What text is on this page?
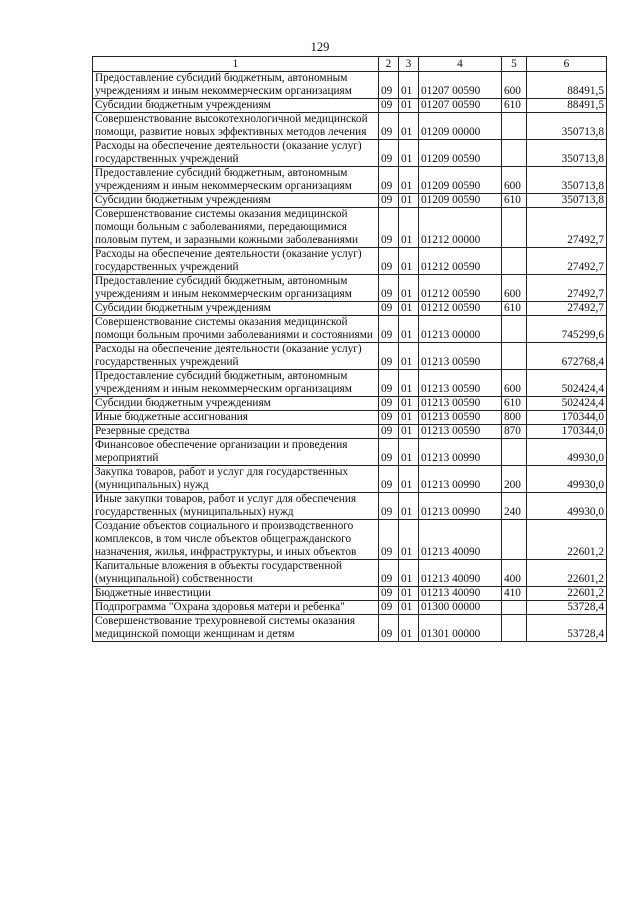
129
1	2	3	4	5	6
Предоставление субсидий бюджетным, автономным учреждениям и иным некоммерческим организациям	09	01	01207 00590	600	88491,5
Субсидии бюджетным учреждениям	09	01	01207 00590	610	88491,5
Совершенствование высокотехнологичной медицинской помощи, развитие новых эффективных методов лечения	09	01	01209 00000		350713,8
Расходы на обеспечение деятельности (оказание услуг) государственных учреждений	09	01	01209 00590		350713,8
Предоставление субсидий бюджетным, автономным учреждениям и иным некоммерческим организациям	09	01	01209 00590	600	350713,8
Субсидии бюджетным учреждениям	09	01	01209 00590	610	350713,8
Совершенствование системы оказания медицинской помощи больным с заболеваниями, передающимися половым путем, и заразными кожными заболеваниями	09	01	01212 00000		27492,7
Расходы на обеспечение деятельности (оказание услуг) государственных учреждений	09	01	01212 00590		27492,7
Предоставление субсидий бюджетным, автономным учреждениям и иным некоммерческим организациям	09	01	01212 00590	600	27492,7
Субсидии бюджетным учреждениям	09	01	01212 00590	610	27492,7
Совершенствование системы оказания медицинской помощи больным прочими заболеваниями и состояниями	09	01	01213 00000		745299,6
Расходы на обеспечение деятельности (оказание услуг) государственных учреждений	09	01	01213 00590		672768,4
Предоставление субсидий бюджетным, автономным учреждениям и иным некоммерческим организациям	09	01	01213 00590	600	502424,4
Субсидии бюджетным учреждениям	09	01	01213 00590	610	502424,4
Иные бюджетные ассигнования	09	01	01213 00590	800	170344,0
Резервные средства	09	01	01213 00590	870	170344,0
Финансовое обеспечение организации и проведения мероприятий	09	01	01213 00990		49930,0
Закупка товаров, работ и услуг для государственных (муниципальных) нужд	09	01	01213 00990	200	49930,0
Иные закупки товаров, работ и услуг для обеспечения государственных (муниципальных) нужд	09	01	01213 00990	240	49930,0
Создание объектов социального и производственного комплексов, в том числе объектов общегражданского назначения, жилья, инфраструктуры, и иных объектов	09	01	01213 40090		22601,2
Капитальные вложения в объекты государственной (муниципальной) собственности	09	01	01213 40090	400	22601,2
Бюджетные инвестиции	09	01	01213 40090	410	22601,2
Подпрограмма "Охрана здоровья матери и ребенка"	09	01	01300 00000		53728,4
Совершенствование трехуровневой системы оказания медицинской помощи женщинам и детям	09	01	01301 00000		53728,4
